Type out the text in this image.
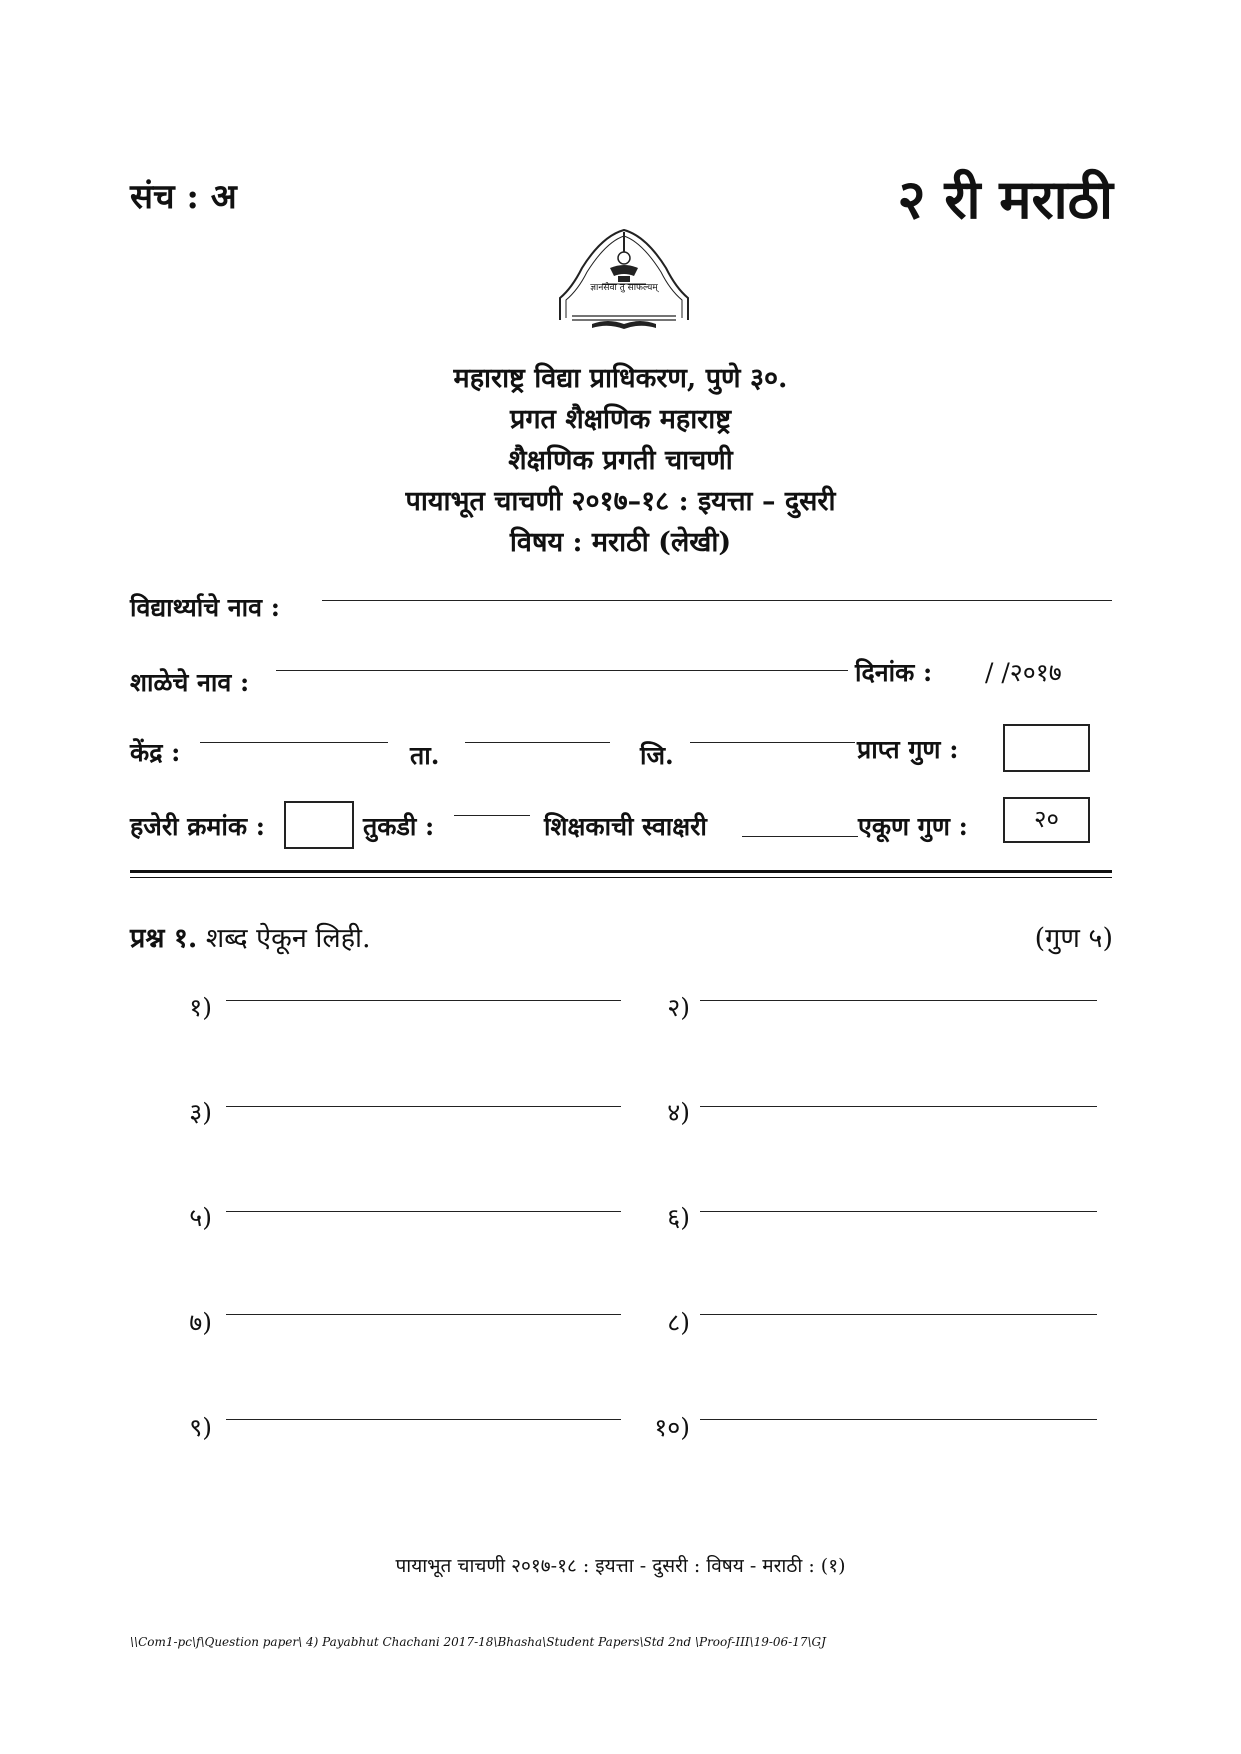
संच : अ	२ री मराठी
ज्ञानसेवा तु साफल्यम्
महाराष्ट्र विद्या प्राधिकरण, पुणे ३०.
प्रगत शैक्षणिक महाराष्ट्र
शैक्षणिक प्रगती चाचणी
पायाभूत चाचणी २०१७–१८ : इयत्ता – दुसरी
विषय : मराठी (लेखी)
विद्यार्थ्याचे नाव :
शाळेचे नाव :	दिनांक : / /२०१७
केंद्र :	ता.	जि.	प्राप्त गुण :
हजेरी क्रमांक :	तुकडी :	शिक्षकाची स्वाक्षरी	एकूण गुण :	२०
प्रश्न १. शब्द ऐकून लिही.	(गुण ५)
१)	२)
३)	४)
५)	६)
७)	८)
९)	१०)
पायाभूत चाचणी २०१७-१८ : इयत्ता - दुसरी : विषय - मराठी : (१)
\\Com1-pc\f\Question paper\ 4) Payabhut Chachani 2017-18\Bhasha\Student Papers\Std 2nd \Proof-III\19-06-17\GJ
